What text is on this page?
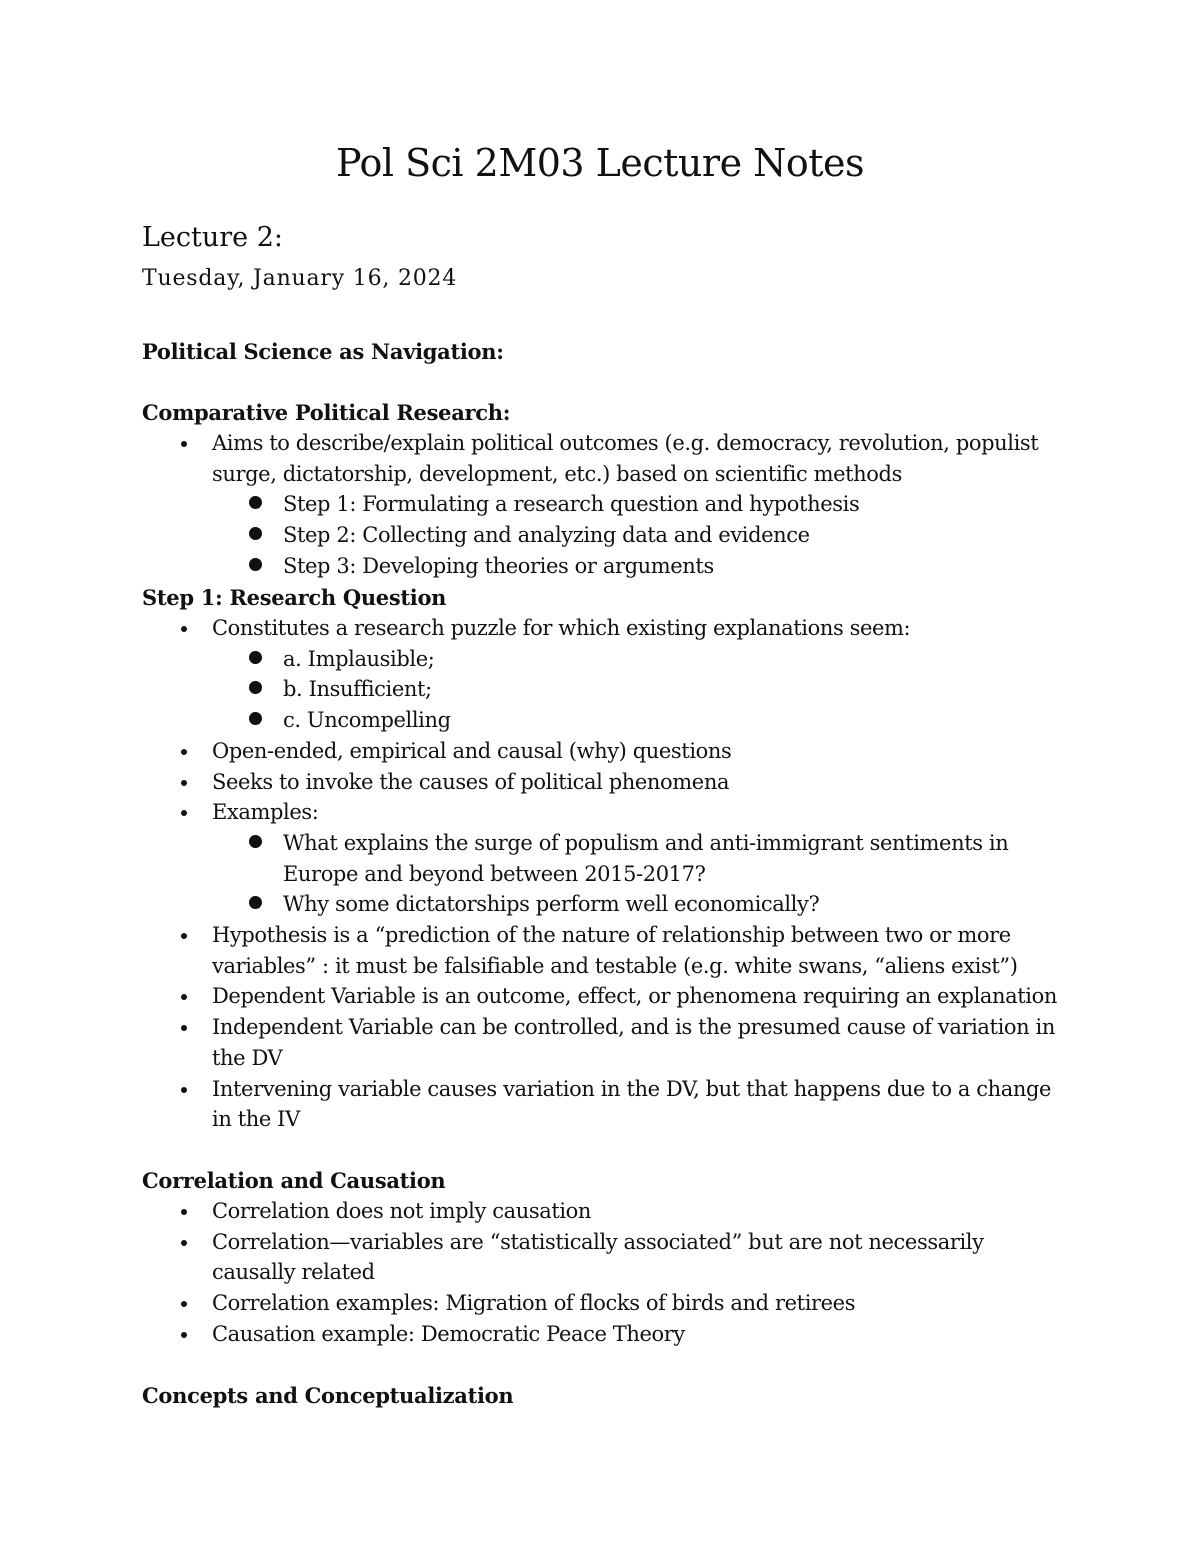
Pol Sci 2M03 Lecture Notes
Lecture 2:

Tuesday, January 16, 2024

Political Science as Navigation:
Comparative Political Research:
Aims to describe/explain political outcomes (e.g. democracy, revolution, populist surge, dictatorship, development, etc.) based on scientific methods
Step 1: Formulating a research question and hypothesis
Step 2: Collecting and analyzing data and evidence
Step 3: Developing theories or arguments
Step 1: Research Question
Constitutes a research puzzle for which existing explanations seem:
a. Implausible;
b. Insufficient;
c. Uncompelling
Open-ended, empirical and causal (why) questions
Seeks to invoke the causes of political phenomena
Examples:
What explains the surge of populism and anti-immigrant sentiments in Europe and beyond between 2015-2017?
Why some dictatorships perform well economically?
Hypothesis is a “prediction of the nature of relationship between two or more variables” : it must be falsifiable and testable (e.g. white swans, “aliens exist”)
Dependent Variable is an outcome, effect, or phenomena requiring an explanation
Independent Variable can be controlled, and is the presumed cause of variation in the DV
Intervening variable causes variation in the DV, but that happens due to a change in the IV
Correlation and Causation
Correlation does not imply causation
Correlation—variables are “statistically associated” but are not necessarily causally related
Correlation examples: Migration of flocks of birds and retirees
Causation example: Democratic Peace Theory
Concepts and Conceptualization
